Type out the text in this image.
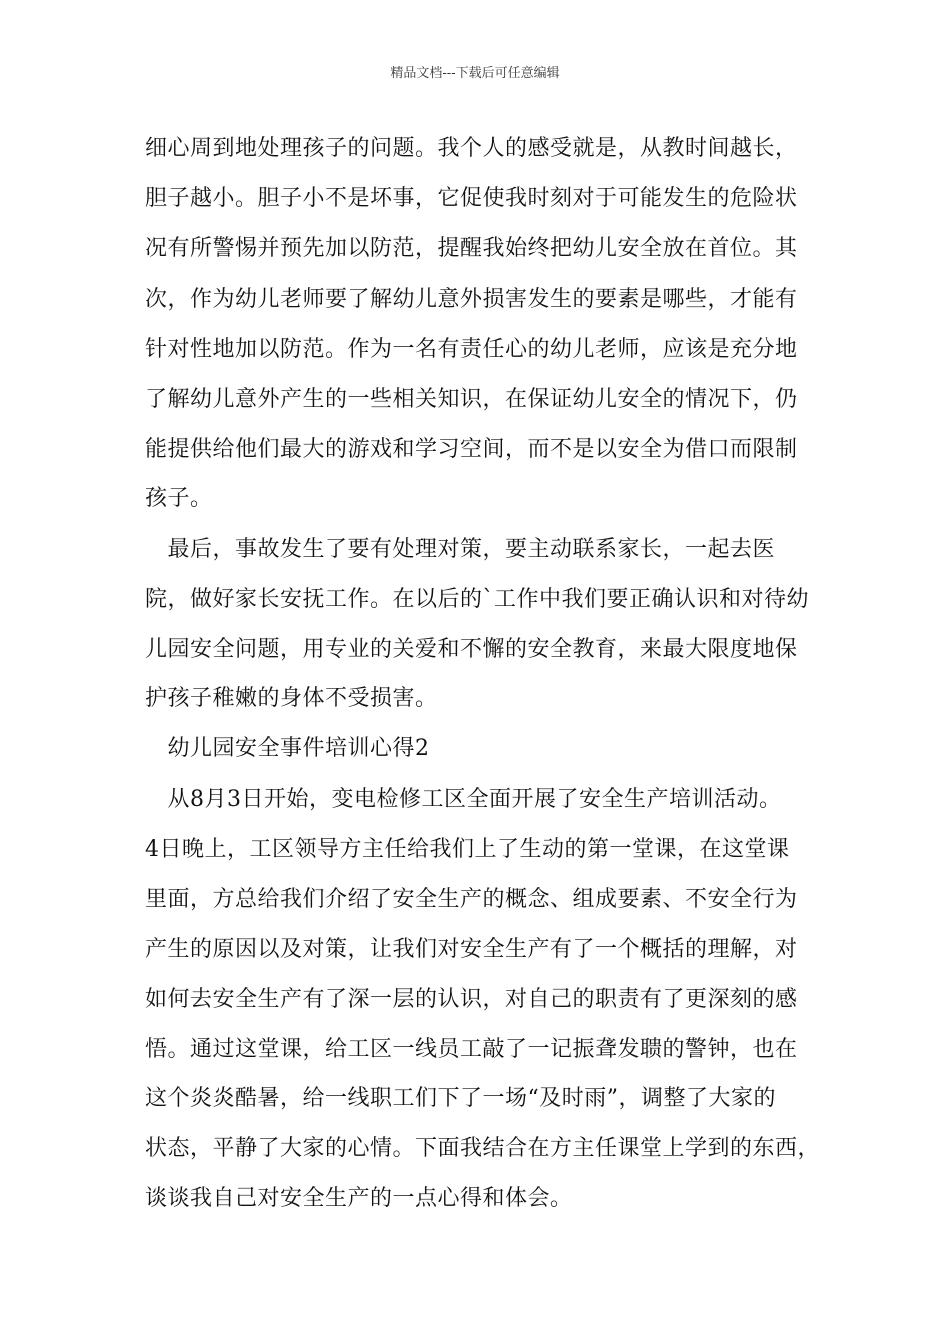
精品文档---下载后可任意编辑
细心周到地处理孩子的问题。我个人的感受就是，从教时间越长，
胆子越小。胆子小不是坏事，它促使我时刻对于可能发生的危险状
况有所警惕并预先加以防范，提醒我始终把幼儿安全放在首位。其
次，作为幼儿老师要了解幼儿意外损害发生的要素是哪些，才能有
针对性地加以防范。作为一名有责任心的幼儿老师，应该是充分地
了解幼儿意外产生的一些相关知识，在保证幼儿安全的情况下，仍
能提供给他们最大的游戏和学习空间，而不是以安全为借口而限制
孩子。
　最后，事故发生了要有处理对策，要主动联系家长，一起去医
院，做好家长安抚工作。在以后的`工作中我们要正确认识和对待幼
儿园安全问题，用专业的关爱和不懈的安全教育，来最大限度地保
护孩子稚嫩的身体不受损害。
　幼儿园安全事件培训心得2
　从8月3日开始，变电检修工区全面开展了安全生产培训活动。
4日晚上，工区领导方主任给我们上了生动的第一堂课，在这堂课
里面，方总给我们介绍了安全生产的概念、组成要素、不安全行为
产生的原因以及对策，让我们对安全生产有了一个概括的理解，对
如何去安全生产有了深一层的认识，对自己的职责有了更深刻的感
悟。通过这堂课，给工区一线员工敲了一记振聋发聩的警钟，也在
这个炎炎酷暑，给一线职工们下了一场“及时雨”，调整了大家的
状态，平静了大家的心情。下面我结合在方主任课堂上学到的东西，
谈谈我自己对安全生产的一点心得和体会。
